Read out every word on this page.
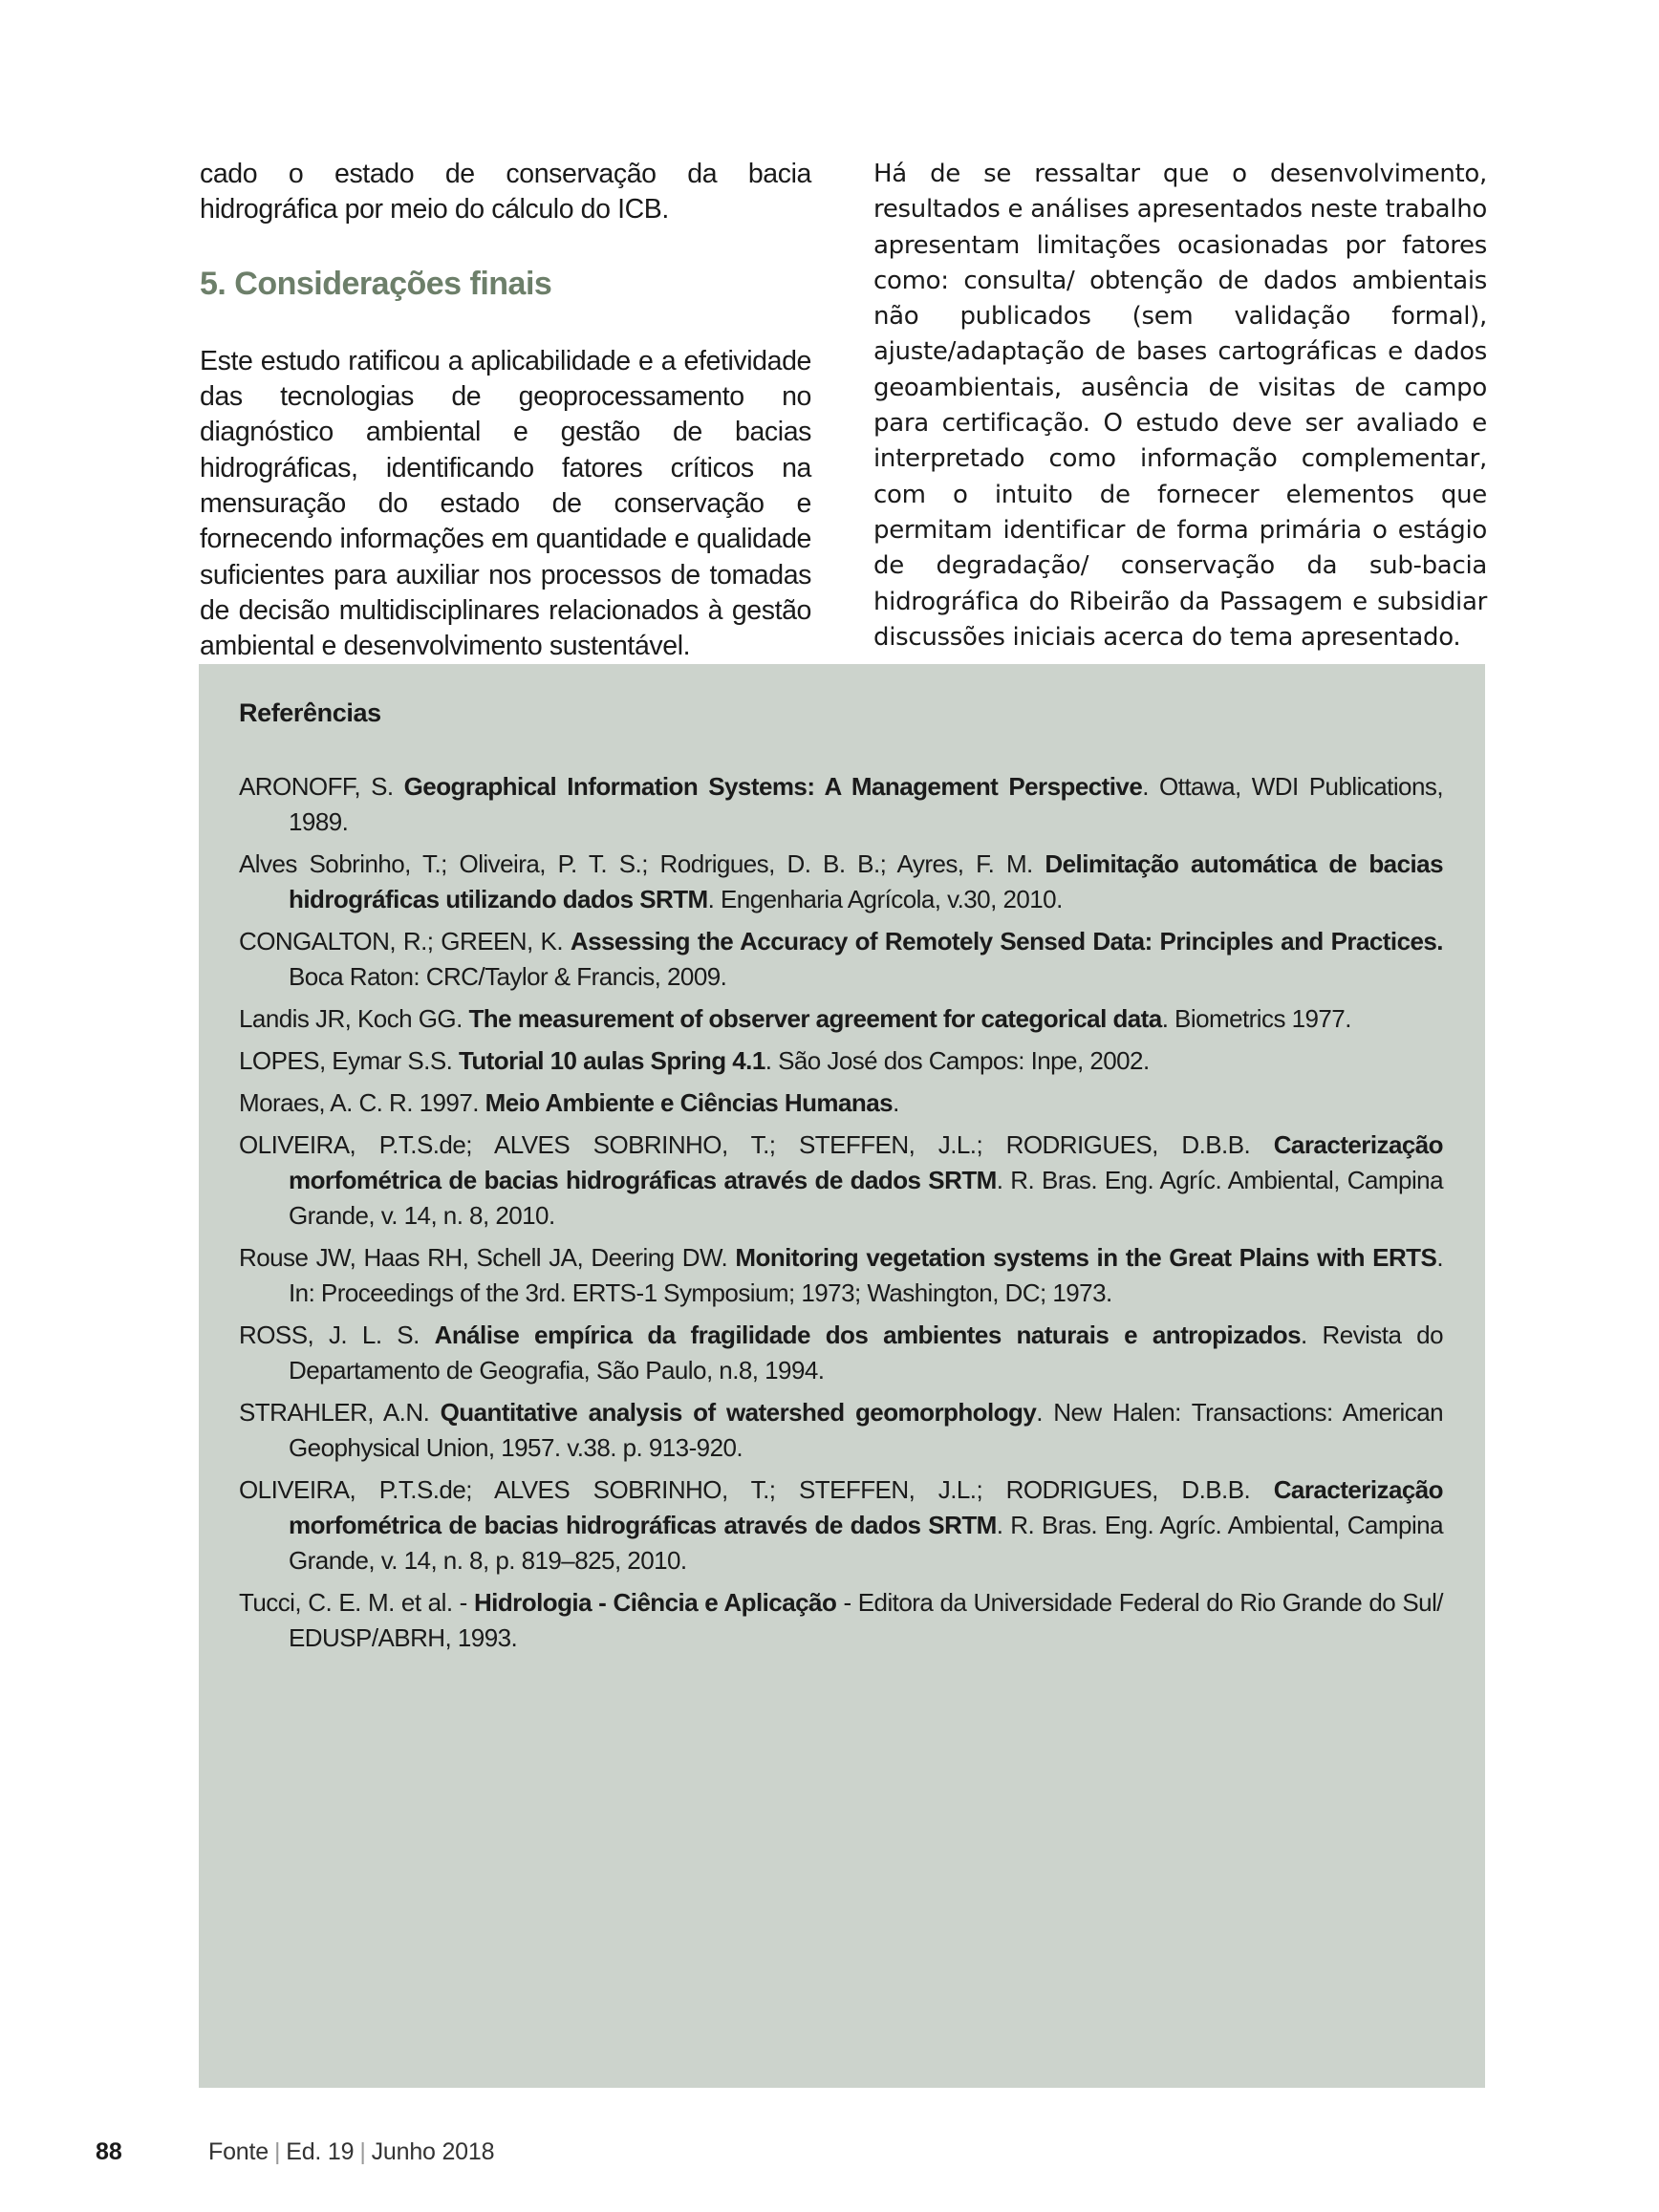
cado o estado de conservação da bacia hidrográfica por meio do cálculo do ICB.

5. Considerações finais

Este estudo ratificou a aplicabilidade e a efetividade das tecnologias de geoprocessamento no diagnóstico ambiental e gestão de bacias hidrográficas, identificando fatores críticos na mensuração do estado de conservação e fornecendo informações em quantidade e qualidade suficientes para auxiliar nos processos de tomadas de decisão multidisciplinares relacionados à gestão ambiental e desenvolvimento sustentável.

Há de se ressaltar que o desenvolvimento, resultados e análises apresentados neste trabalho apresentam limitações ocasionadas por fatores como: consulta/ obtenção de dados ambientais não publicados (sem validação formal), ajuste/adaptação de bases cartográficas e dados geoambientais, ausência de visitas de campo para certificação. O estudo deve ser avaliado e interpretado como informação complementar, com o intuito de fornecer elementos que permitam identificar de forma primária o estágio de degradação/ conservação da sub-bacia hidrográfica do Ribeirão da Passagem e subsidiar discussões iniciais acerca do tema apresentado.

Referências

ARONOFF, S. Geographical Information Systems: A Management Perspective. Ottawa, WDI Publications, 1989.

Alves Sobrinho, T.; Oliveira, P. T. S.; Rodrigues, D. B. B.; Ayres, F. M. Delimitação automática de bacias hidrográficas utilizando dados SRTM. Engenharia Agrícola, v.30, 2010.

CONGALTON, R.; GREEN, K. Assessing the Accuracy of Remotely Sensed Data: Principles and Practices. Boca Raton: CRC/Taylor & Francis, 2009.

Landis JR, Koch GG. The measurement of observer agreement for categorical data. Biometrics 1977.

LOPES, Eymar S.S. Tutorial 10 aulas Spring 4.1. São José dos Campos: Inpe, 2002.

Moraes, A. C. R. 1997. Meio Ambiente e Ciências Humanas.

OLIVEIRA, P.T.S.de; ALVES SOBRINHO, T.; STEFFEN, J.L.; RODRIGUES, D.B.B. Caracterização morfométrica de bacias hidrográficas através de dados SRTM. R. Bras. Eng. Agríc. Ambiental, Campina Grande, v. 14, n. 8, 2010.

Rouse JW, Haas RH, Schell JA, Deering DW. Monitoring vegetation systems in the Great Plains with ERTS. In: Proceedings of the 3rd. ERTS-1 Symposium; 1973; Washington, DC; 1973.

ROSS, J. L. S. Análise empírica da fragilidade dos ambientes naturais e antropizados. Revista do Departamento de Geografia, São Paulo, n.8, 1994.

STRAHLER, A.N. Quantitative analysis of watershed geomorphology. New Halen: Transactions: American Geophysical Union, 1957. v.38. p. 913-920.

OLIVEIRA, P.T.S.de; ALVES SOBRINHO, T.; STEFFEN, J.L.; RODRIGUES, D.B.B. Caracterização morfométrica de bacias hidrográficas através de dados SRTM. R. Bras. Eng. Agríc. Ambiental, Campina Grande, v. 14, n. 8, p. 819–825, 2010.

Tucci, C. E. M. et al. - Hidrologia - Ciência e Aplicação - Editora da Universidade Federal do Rio Grande do Sul/ EDUSP/ABRH, 1993.

88	Fonte | Ed. 19 | Junho 2018
